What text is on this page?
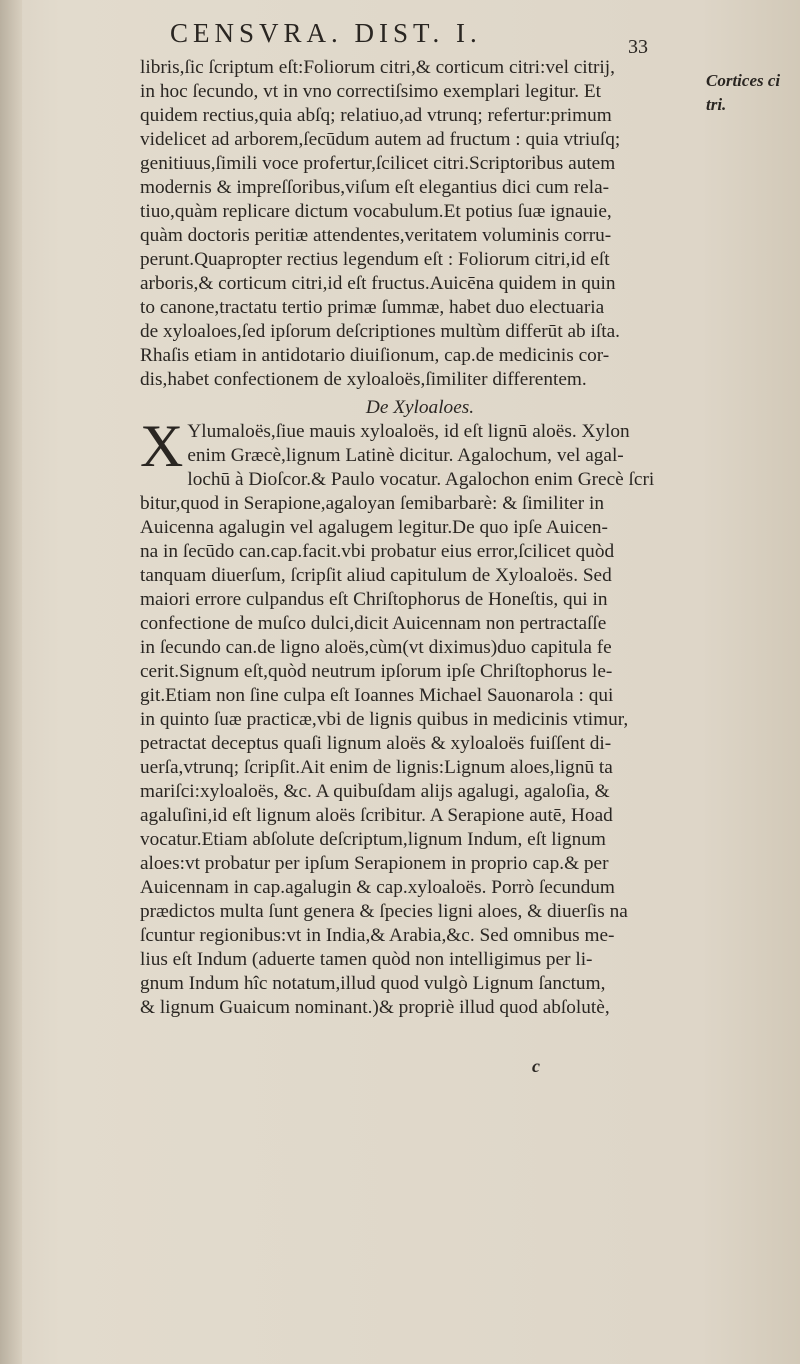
CENSVRA. DIST. I.	33
Cortices ci
tri.
libris,ſic ſcriptum eſt:Foliorum citri,& corticum citri:vel citrij,
in hoc ſecundo, vt in vno correctiſsimo exemplari legitur. Et
quidem rectius,quia abſq; relatiuo,ad vtrunq; refertur:primum
videlicet ad arborem,ſecūdum autem ad fructum : quia vtriuſq;
genitiuus,ſimili voce profertur,ſcilicet citri.Scriptoribus autem
modernis & impreſſoribus,viſum eſt elegantius dici cum rela-
tiuo,quàm replicare dictum vocabulum.Et potius ſuæ ignauie,
quàm doctoris peritiæ attendentes,veritatem voluminis corru-
perunt.Quapropter rectius legendum eſt : Foliorum citri,id eſt
arboris,& corticum citri,id eſt fructus.Auicēna quidem in quin
to canone,tractatu tertio primæ ſummæ, habet duo electuaria
de xyloaloes,ſed ipſorum deſcriptiones multùm differūt ab iſta.
Rhaſis etiam in antidotario diuiſionum, cap.de medicinis cor-
dis,habet confectionem de xyloaloës,ſimiliter differentem.
De Xyloaloes.
X Ylumaloës,ſiue mauis xyloaloës, id eſt lignū aloës. Xylon
enim Græcè,lignum Latinè dicitur. Agalochum, vel agal-
lochū à Dioſcor.& Paulo vocatur. Agalochon enim Grecè ſcri
bitur,quod in Serapione,agaloyan ſemibarbarè: & ſimiliter in
Auicenna agalugin vel agalugem legitur.De quo ipſe Auicen-
na in ſecūdo can.cap.facit.vbi probatur eius error,ſcilicet quòd
tanquam diuerſum, ſcripſit aliud capitulum de Xyloaloës. Sed
maiori errore culpandus eſt Chriſtophorus de Honeſtis, qui in
confectione de muſco dulci,dicit Auicennam non pertractaſſe
in ſecundo can.de ligno aloës,cùm(vt diximus)duo capitula fe
cerit.Signum eſt,quòd neutrum ipſorum ipſe Chriſtophorus le-
git.Etiam non ſine culpa eſt Ioannes Michael Sauonarola : qui
in quinto ſuæ practicæ,vbi de lignis quibus in medicinis vtimur,
petractat deceptus quaſi lignum aloës & xyloaloës fuiſſent di-
uerſa,vtrunq; ſcripſit.Ait enim de lignis:Lignum aloes,lignū ta
mariſci:xyloaloës, &c. A quibuſdam alijs agalugi, agaloſia, &
agaluſini,id eſt lignum aloës ſcribitur. A Serapione autē, Hoad
vocatur.Etiam abſolute deſcriptum,lignum Indum, eſt lignum
aloes:vt probatur per ipſum Serapionem in proprio cap.& per
Auicennam in cap.agalugin & cap.xyloaloës. Porrò ſecundum
prædictos multa ſunt genera & ſpecies ligni aloes, & diuerſis na
ſcuntur regionibus:vt in India,& Arabia,&c. Sed omnibus me-
lius eſt Indum (aduerte tamen quòd non intelligimus per li-
gnum Indum hîc notatum,illud quod vulgò Lignum ſanctum,
& lignum Guaicum nominant.)& propriè illud quod abſolutè,
c
